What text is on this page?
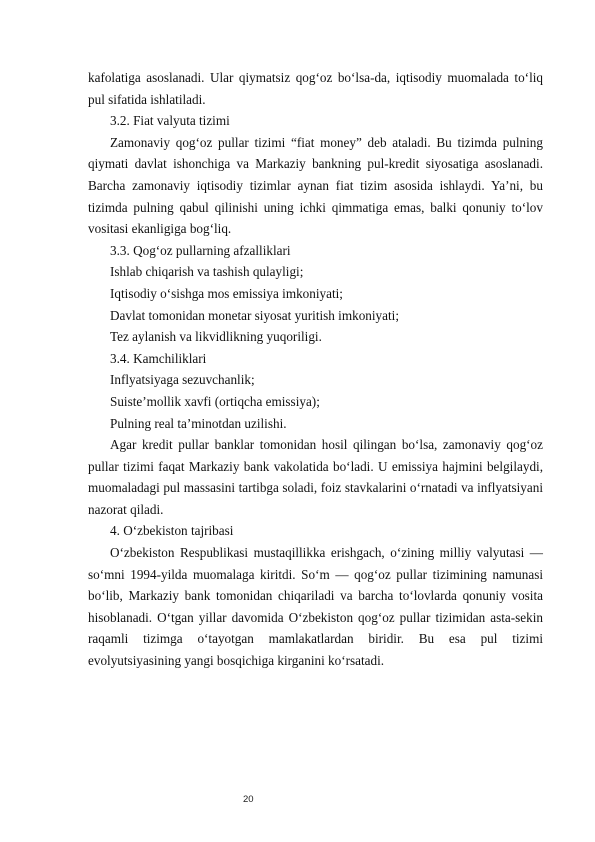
kafolatiga asoslanadi. Ular qiymatsiz qog‘oz bo‘lsa-da, iqtisodiy muomalada to‘liq pul sifatida ishlatiladi.

3.2. Fiat valyuta tizimi

Zamonaviy qog‘oz pullar tizimi “fiat money” deb ataladi. Bu tizimda pulning qiymati davlat ishonchiga va Markaziy bankning pul-kredit siyosatiga asoslanadi. Barcha zamonaviy iqtisodiy tizimlar aynan fiat tizim asosida ishlaydi. Ya’ni, bu tizimda pulning qabul qilinishi uning ichki qimmatiga emas, balki qonuniy to‘lov vositasi ekanligiga bog‘liq.

3.3. Qog‘oz pullarning afzalliklari

Ishlab chiqarish va tashish qulayligi;

Iqtisodiy o‘sishga mos emissiya imkoniyati;

Davlat tomonidan monetar siyosat yuritish imkoniyati;

Tez aylanish va likvidlikning yuqoriligi.

3.4. Kamchiliklari

Inflyatsiyaga sezuvchanlik;

Suiste’mollik xavfi (ortiqcha emissiya);

Pulning real ta’minotdan uzilishi.

Agar kredit pullar banklar tomonidan hosil qilingan bo‘lsa, zamonaviy qog‘oz pullar tizimi faqat Markaziy bank vakolatida bo‘ladi. U emissiya hajmini belgilaydi, muomaladagi pul massasini tartibga soladi, foiz stavkalarini o‘rnatadi va inflyatsiyani nazorat qiladi.

4. O‘zbekiston tajribasi

O‘zbekiston Respublikasi mustaqillikka erishgach, o‘zining milliy valyutasi — so‘mni 1994-yilda muomalaga kiritdi. So‘m — qog‘oz pullar tizimining namunasi bo‘lib, Markaziy bank tomonidan chiqariladi va barcha to‘lovlarda qonuniy vosita hisoblanadi. O‘tgan yillar davomida O‘zbekiston qog‘oz pullar tizimidan asta-sekin raqamli tizimga o‘tayotgan mamlakatlardan biridir. Bu esa pul tizimi evolyutsiyasining yangi bosqichiga kirganini ko‘rsatadi.

20
